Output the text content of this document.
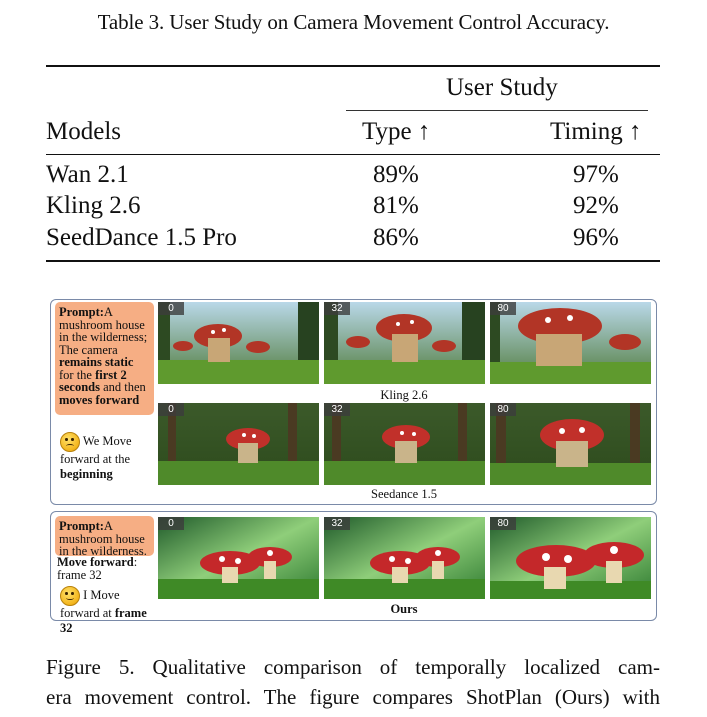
Table 3. User Study on Camera Movement Control Accuracy.
User Study
Models	Type ↑	Timing ↑
Wan 2.1	89%	97%
Kling 2.6	81%	92%
SeedDance 1.5 Pro	86%	96%
Prompt:A mushroom house in the wilderness;
The camera remains static for the first 2 seconds and then moves forward
We Move forward at the beginning
0	32	80
Kling 2.6
0	32	80
Seedance 1.5
Prompt:A mushroom house in the wilderness.
Move forward: frame 32
I Move forward at frame 32
0	32	80
Ours
Figure 5. Qualitative comparison of temporally localized cam-
era movement control. The figure compares ShotPlan (Ours) with
